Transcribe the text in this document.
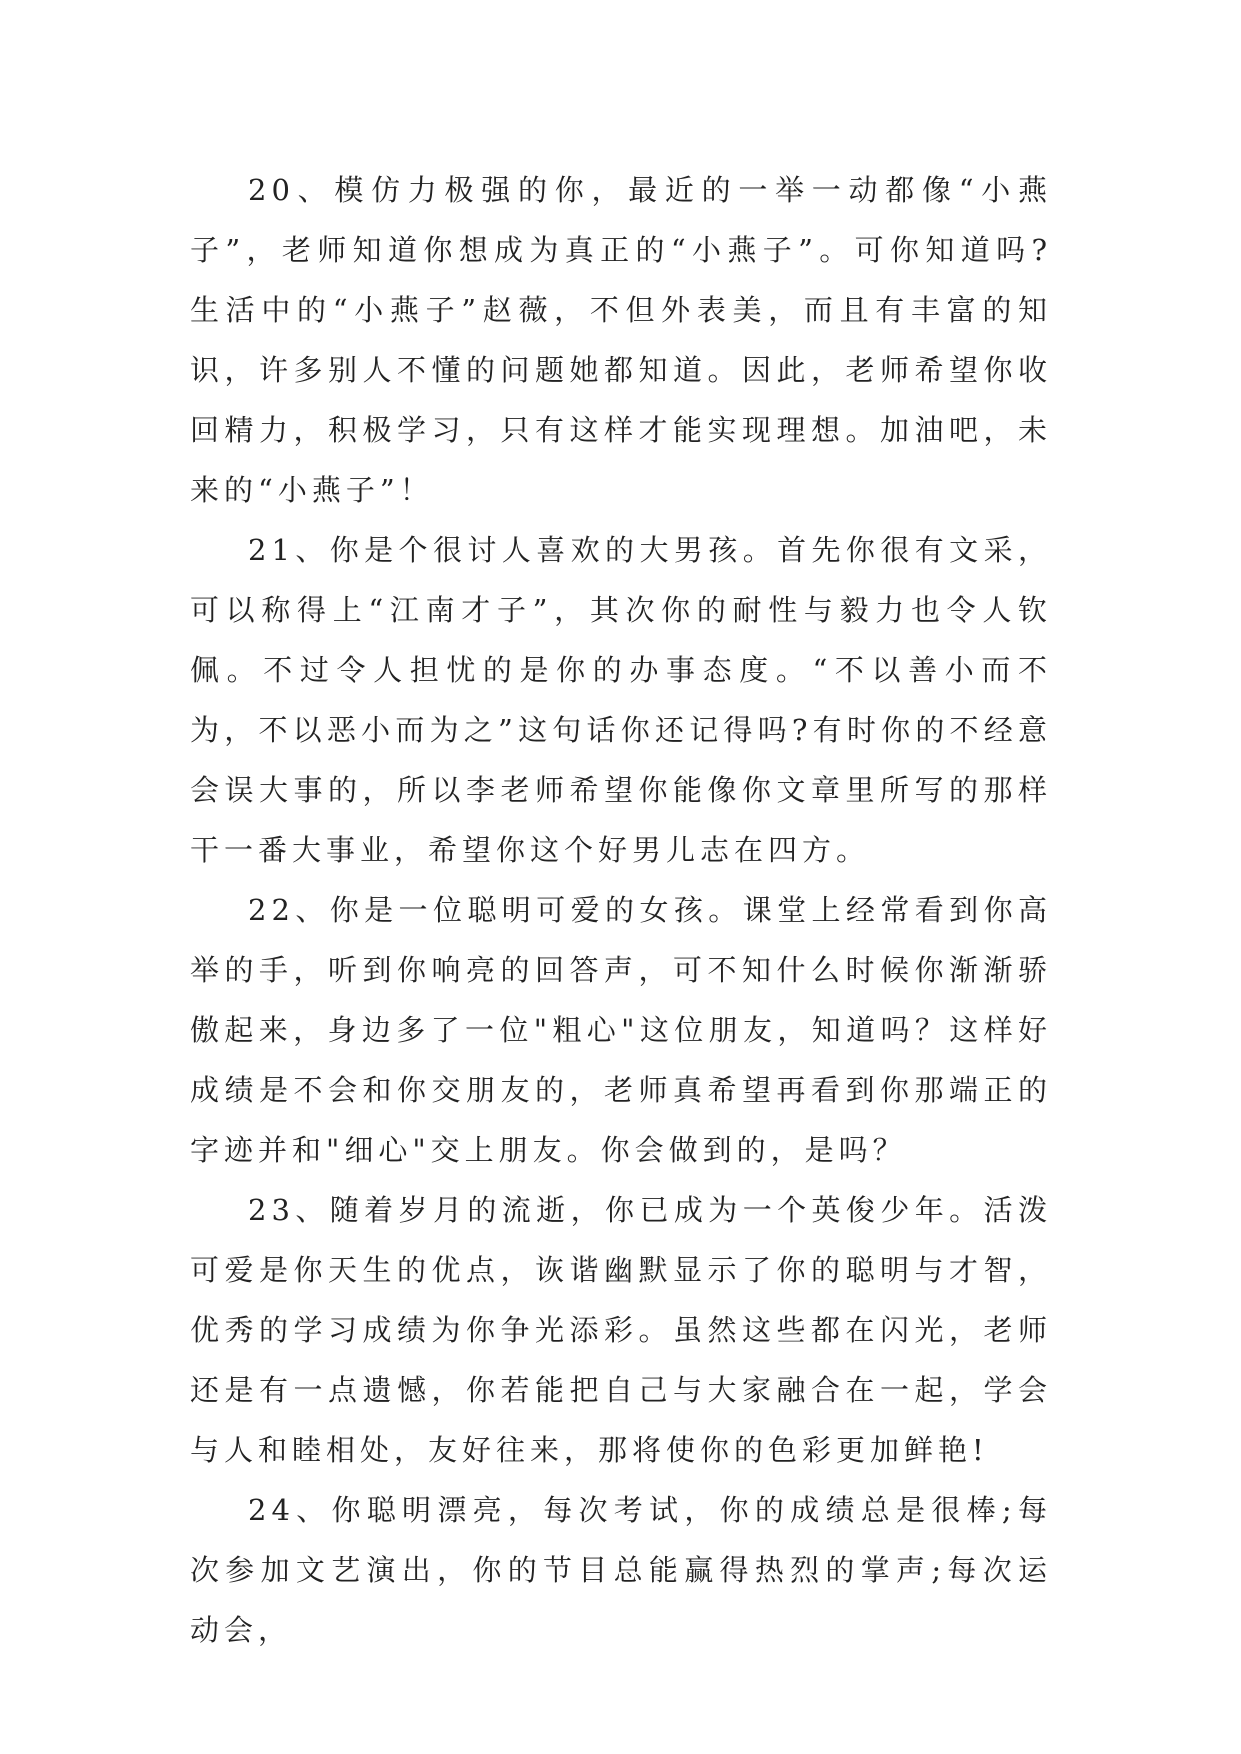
20、模仿力极强的你，最近的一举一动都像“小燕子”，老师知道你想成为真正的“小燕子”。可你知道吗?生活中的“小燕子”赵薇，不但外表美，而且有丰富的知识，许多别人不懂的问题她都知道。因此，老师希望你收回精力，积极学习，只有这样才能实现理想。加油吧，未来的“小燕子”！

21、你是个很讨人喜欢的大男孩。首先你很有文采，可以称得上“江南才子”，其次你的耐性与毅力也令人钦佩。不过令人担忧的是你的办事态度。“不以善小而不为，不以恶小而为之”这句话你还记得吗?有时你的不经意会误大事的，所以李老师希望你能像你文章里所写的那样干一番大事业，希望你这个好男儿志在四方。

22、你是一位聪明可爱的女孩。课堂上经常看到你高举的手，听到你响亮的回答声，可不知什么时候你渐渐骄傲起来，身边多了一位"粗心"这位朋友，知道吗？这样好成绩是不会和你交朋友的，老师真希望再看到你那端正的字迹并和"细心"交上朋友。你会做到的，是吗？

23、随着岁月的流逝，你已成为一个英俊少年。活泼可爱是你天生的优点，诙谐幽默显示了你的聪明与才智，优秀的学习成绩为你争光添彩。虽然这些都在闪光，老师还是有一点遗憾，你若能把自己与大家融合在一起，学会与人和睦相处，友好往来，那将使你的色彩更加鲜艳!

24、你聪明漂亮，每次考试，你的成绩总是很棒;每次参加文艺演出，你的节目总能赢得热烈的掌声;每次运动会，
